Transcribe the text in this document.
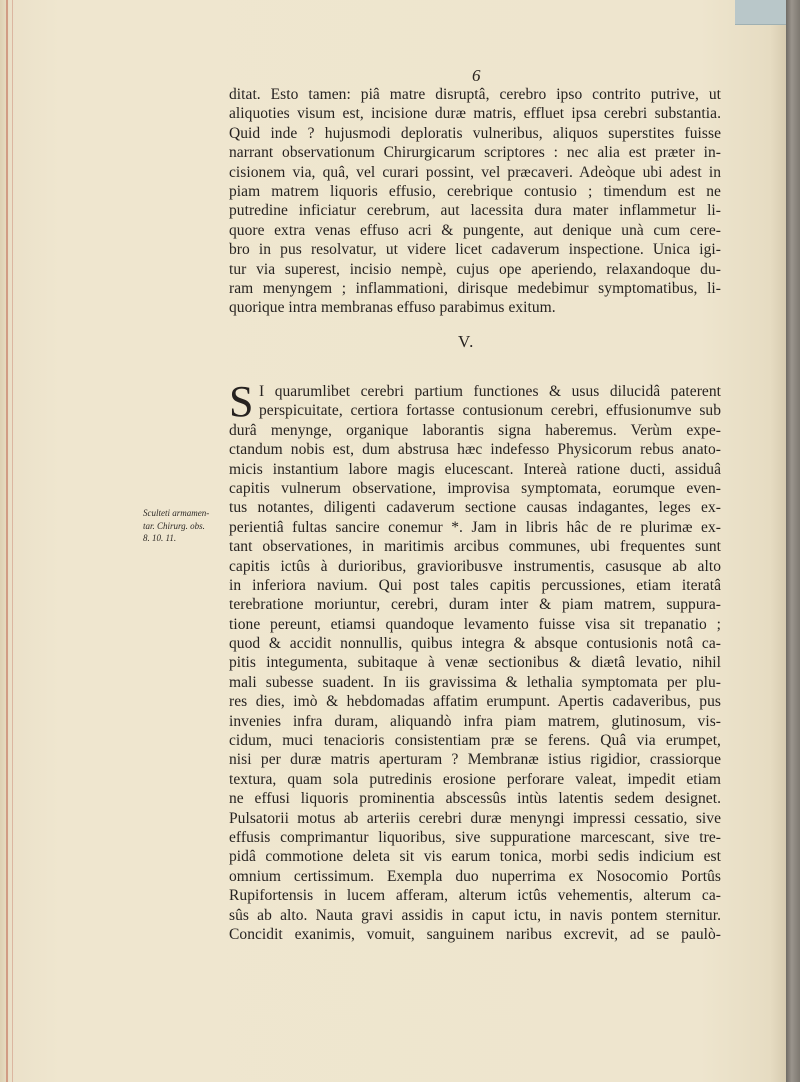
6
ditat. Esto tamen: piâ matre disruptâ, cerebro ipso contrito putrive, ut
aliquoties visum est, incisione duræ matris, effluet ipsa cerebri substantia.
Quid inde ? hujusmodi deploratis vulneribus, aliquos superstites fuisse
narrant observationum Chirurgicarum scriptores : nec alia est præter in-
cisionem via, quâ, vel curari possint, vel præcaveri. Adeòque ubi adest in
piam matrem liquoris effusio, cerebrique contusio ; timendum est ne
putredine inficiatur cerebrum, aut lacessita dura mater inflammetur li-
quore extra venas effuso acri & pungente, aut denique unà cum cere-
bro in pus resolvatur, ut videre licet cadaverum inspectione. Unica igi-
tur via superest, incisio nempè, cujus ope aperiendo, relaxandoque du-
ram menyngem ; inflammationi, dirisque medebimur symptomatibus, li-
quorique intra membranas effuso parabimus exitum.
V.
S I quarumlibet cerebri partium functiones & usus dilucidâ paterent
perspicuitate, certiora fortasse contusionum cerebri, effusionumve sub
durâ menynge, organique laborantis signa haberemus. Verùm expe-
ctandum nobis est, dum abstrusa hæc indefesso Physicorum rebus anato-
micis instantium labore magis elucescant. Intereà ratione ducti, assiduâ
capitis vulnerum observatione, improvisa symptomata, eorumque even-
tus notantes, diligenti cadaverum sectione causas indagantes, leges ex-
perientiâ fultas sancire conemur *. Jam in libris hâc de re plurimæ ex-
tant observationes, in maritimis arcibus communes, ubi frequentes sunt
capitis ictûs à durioribus, gravioribusve instrumentis, casusque ab alto
in inferiora navium. Qui post tales capitis percussiones, etiam iteratâ
terebratione moriuntur, cerebri, duram inter & piam matrem, suppura-
tione pereunt, etiamsi quandoque levamento fuisse visa sit trepanatio ;
quod & accidit nonnullis, quibus integra & absque contusionis notâ ca-
pitis integumenta, subitaque à venæ sectionibus & diætâ levatio, nihil
mali subesse suadent. In iis gravissima & lethalia symptomata per plu-
res dies, imò & hebdomadas affatim erumpunt. Apertis cadaveribus, pus
invenies infra duram, aliquandò infra piam matrem, glutinosum, vis-
cidum, muci tenacioris consistentiam præ se ferens. Quâ via erumpet,
nisi per duræ matris aperturam ? Membranæ istius rigidior, crassiorque
textura, quam sola putredinis erosione perforare valeat, impedit etiam
ne effusi liquoris prominentia abscessûs intùs latentis sedem designet.
Pulsatorii motus ab arteriis cerebri duræ menyngi impressi cessatio, sive
effusis comprimantur liquoribus, sive suppuratione marcescant, sive tre-
pidâ commotione deleta sit vis earum tonica, morbi sedis indicium est
omnium certissimum. Exempla duo nuperrima ex Nosocomio Portûs
Rupifortensis in lucem afferam, alterum ictûs vehementis, alterum ca-
sûs ab alto. Nauta gravi assidis in caput ictu, in navis pontem sternitur.
Concidit exanimis, vomuit, sanguinem naribus excrevit, ad se paulò-
Sculteti armamen-
tar. Chirurg. obs.
8. 10. 11.
